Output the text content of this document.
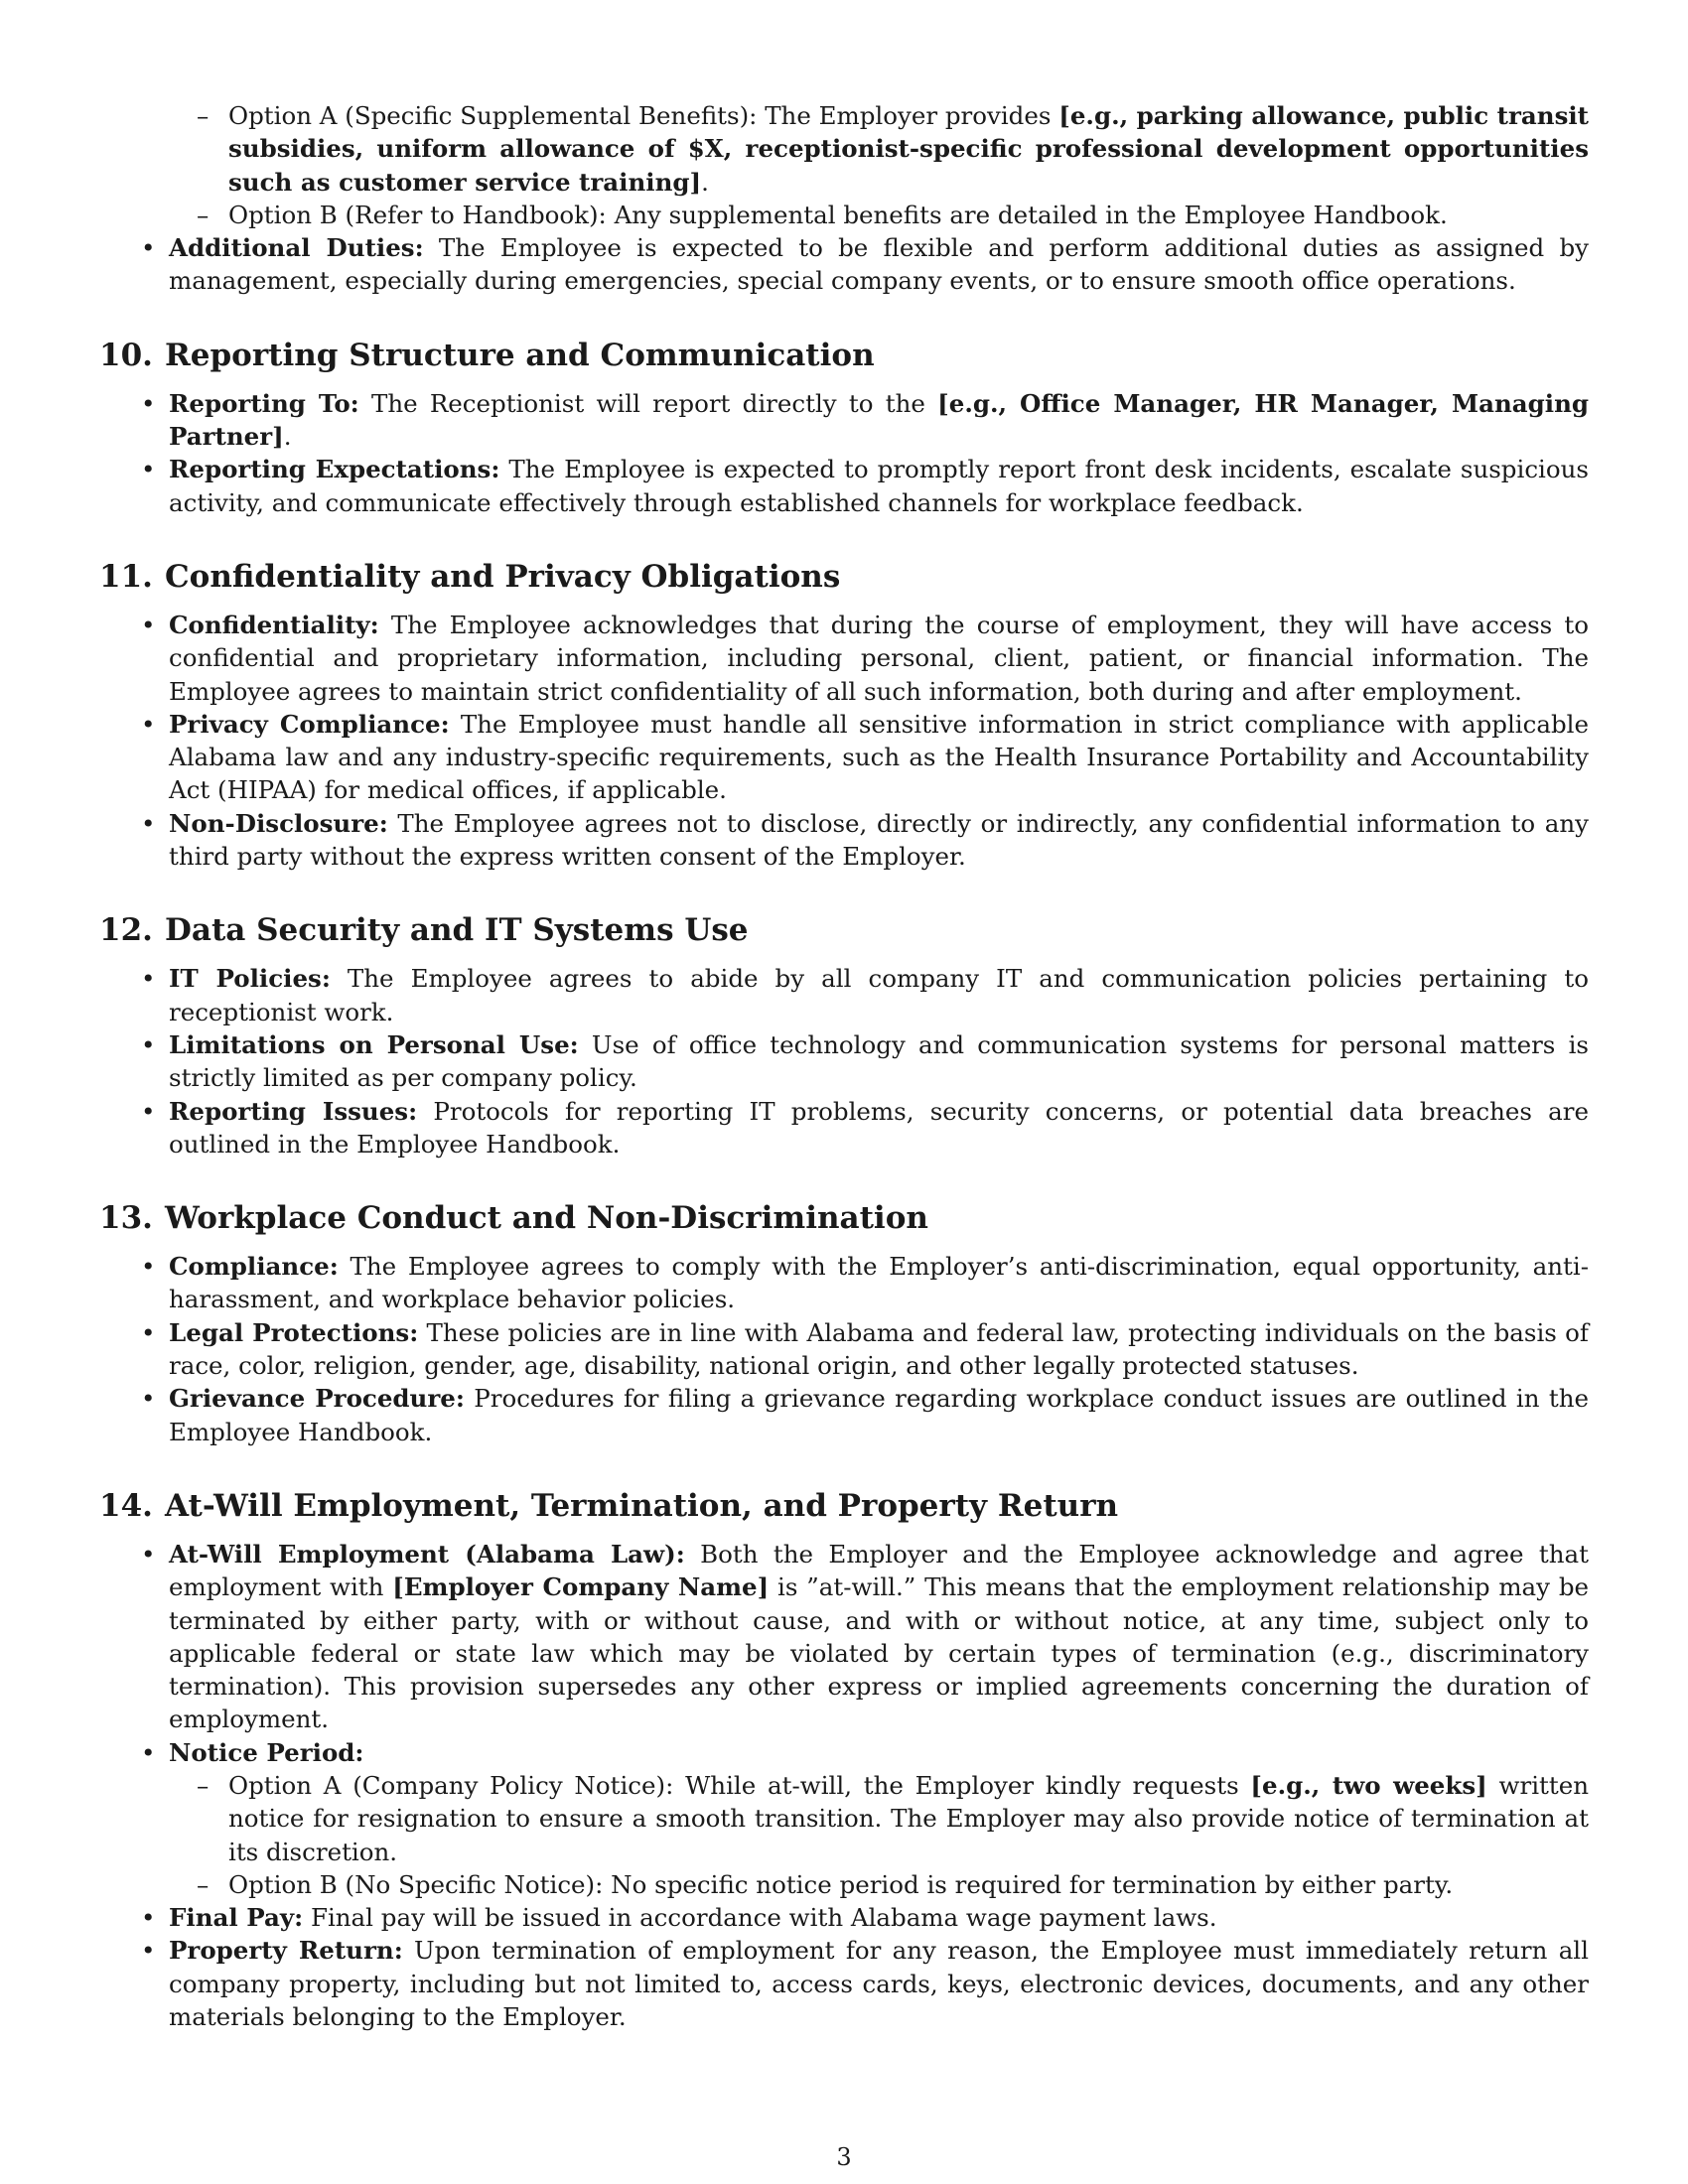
– Option A (Specific Supplemental Benefits): The Employer provides [e.g., parking allowance, public transit subsidies, uniform allowance of $X, receptionist-specific professional development opportunities such as customer service training].
– Option B (Refer to Handbook): Any supplemental benefits are detailed in the Employee Handbook.
• Additional Duties: The Employee is expected to be flexible and perform additional duties as assigned by management, especially during emergencies, special company events, or to ensure smooth office operations.
10. Reporting Structure and Communication
• Reporting To: The Receptionist will report directly to the [e.g., Office Manager, HR Manager, Managing Partner].
• Reporting Expectations: The Employee is expected to promptly report front desk incidents, escalate suspicious activity, and communicate effectively through established channels for workplace feedback.
11. Confidentiality and Privacy Obligations
• Confidentiality: The Employee acknowledges that during the course of employment, they will have access to confidential and proprietary information, including personal, client, patient, or financial information. The Employee agrees to maintain strict confidentiality of all such information, both during and after employment.
• Privacy Compliance: The Employee must handle all sensitive information in strict compliance with applicable Alabama law and any industry-specific requirements, such as the Health Insurance Portability and Accountability Act (HIPAA) for medical offices, if applicable.
• Non-Disclosure: The Employee agrees not to disclose, directly or indirectly, any confidential information to any third party without the express written consent of the Employer.
12. Data Security and IT Systems Use
• IT Policies: The Employee agrees to abide by all company IT and communication policies pertaining to receptionist work.
• Limitations on Personal Use: Use of office technology and communication systems for personal matters is strictly limited as per company policy.
• Reporting Issues: Protocols for reporting IT problems, security concerns, or potential data breaches are outlined in the Employee Handbook.
13. Workplace Conduct and Non-Discrimination
• Compliance: The Employee agrees to comply with the Employer’s anti-discrimination, equal opportunity, anti-harassment, and workplace behavior policies.
• Legal Protections: These policies are in line with Alabama and federal law, protecting individuals on the basis of race, color, religion, gender, age, disability, national origin, and other legally protected statuses.
• Grievance Procedure: Procedures for filing a grievance regarding workplace conduct issues are outlined in the Employee Handbook.
14. At-Will Employment, Termination, and Property Return
• At-Will Employment (Alabama Law): Both the Employer and the Employee acknowledge and agree that employment with [Employer Company Name] is ”at-will.” This means that the employment relationship may be terminated by either party, with or without cause, and with or without notice, at any time, subject only to applicable federal or state law which may be violated by certain types of termination (e.g., discriminatory termination). This provision supersedes any other express or implied agreements concerning the duration of employment.
• Notice Period:
– Option A (Company Policy Notice): While at-will, the Employer kindly requests [e.g., two weeks] written notice for resignation to ensure a smooth transition. The Employer may also provide notice of termination at its discretion.
– Option B (No Specific Notice): No specific notice period is required for termination by either party.
• Final Pay: Final pay will be issued in accordance with Alabama wage payment laws.
• Property Return: Upon termination of employment for any reason, the Employee must immediately return all company property, including but not limited to, access cards, keys, electronic devices, documents, and any other materials belonging to the Employer.
3
